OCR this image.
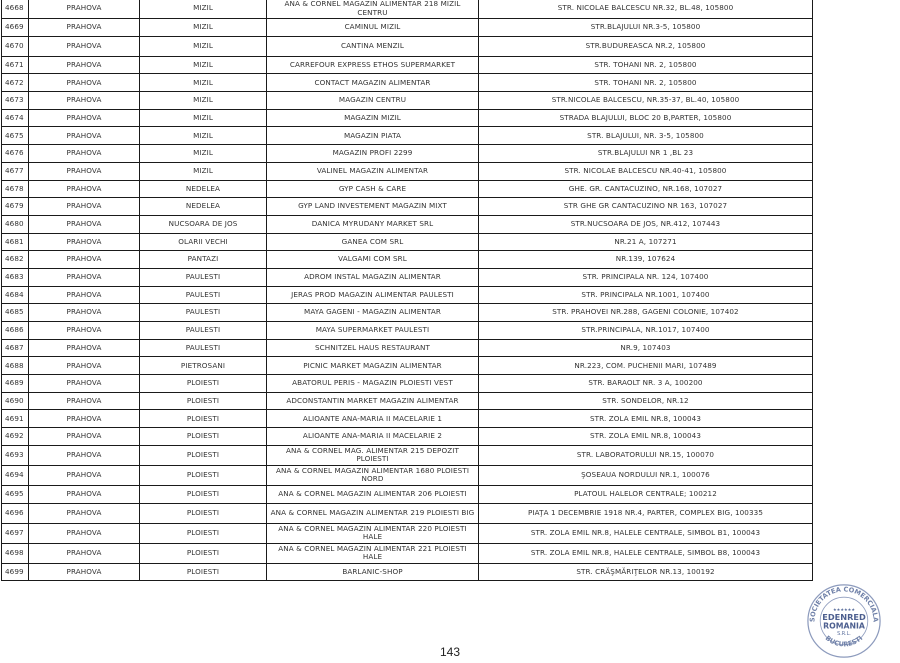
4668	PRAHOVA	MIZIL	ANA & CORNEL MAGAZIN ALIMENTAR 218 MIZIL CENTRU	STR. NICOLAE BALCESCU NR.32, BL.48, 105800
4669	PRAHOVA	MIZIL	CAMINUL MIZIL	STR.BLAJULUI NR.3-5, 105800
4670	PRAHOVA	MIZIL	CANTINA MENZIL	STR.BUDUREASCA NR.2, 105800
4671	PRAHOVA	MIZIL	CARREFOUR EXPRESS ETHOS SUPERMARKET	STR. TOHANI NR. 2, 105800
4672	PRAHOVA	MIZIL	CONTACT MAGAZIN ALIMENTAR	STR. TOHANI NR. 2, 105800
4673	PRAHOVA	MIZIL	MAGAZIN CENTRU	STR.NICOLAE BALCESCU, NR.35-37, BL.40, 105800
4674	PRAHOVA	MIZIL	MAGAZIN MIZIL	STRADA BLAJULUI, BLOC 20 B,PARTER, 105800
4675	PRAHOVA	MIZIL	MAGAZIN PIATA	STR. BLAJULUI, NR. 3-5, 105800
4676	PRAHOVA	MIZIL	MAGAZIN PROFI 2299	STR.BLAJULUI NR 1 ,BL 23
4677	PRAHOVA	MIZIL	VALINEL MAGAZIN ALIMENTAR	STR. NICOLAE BALCESCU NR.40-41, 105800
4678	PRAHOVA	NEDELEA	GYP CASH & CARE	GHE. GR. CANTACUZINO, NR.168, 107027
4679	PRAHOVA	NEDELEA	GYP LAND INVESTEMENT MAGAZIN MIXT	STR GHE GR CANTACUZINO NR 163, 107027
4680	PRAHOVA	NUCSOARA DE JOS	DANICA MYRUDANY MARKET SRL	STR.NUCSOARA DE JOS, NR.412, 107443
4681	PRAHOVA	OLARII VECHI	GANEA COM SRL	NR.21 A, 107271
4682	PRAHOVA	PANTAZI	VALGAMI COM SRL	NR.139, 107624
4683	PRAHOVA	PAULESTI	ADROM INSTAL MAGAZIN ALIMENTAR	STR. PRINCIPALA NR. 124, 107400
4684	PRAHOVA	PAULESTI	JERAS PROD MAGAZIN ALIMENTAR PAULESTI	STR. PRINCIPALA NR.1001, 107400
4685	PRAHOVA	PAULESTI	MAYA GAGENI - MAGAZIN ALIMENTAR	STR. PRAHOVEI NR.288, GAGENI COLONIE, 107402
4686	PRAHOVA	PAULESTI	MAYA SUPERMARKET PAULESTI	STR.PRINCIPALA, NR.1017, 107400
4687	PRAHOVA	PAULESTI	SCHNITZEL HAUS RESTAURANT	NR.9, 107403
4688	PRAHOVA	PIETROSANI	PICNIC MARKET MAGAZIN ALIMENTAR	NR.223, COM. PUCHENII MARI, 107489
4689	PRAHOVA	PLOIESTI	ABATORUL PERIS - MAGAZIN PLOIESTI VEST	STR. BARAOLT NR. 3 A, 100200
4690	PRAHOVA	PLOIESTI	ADCONSTANTIN MARKET MAGAZIN ALIMENTAR	STR. SONDELOR, NR.12
4691	PRAHOVA	PLOIESTI	ALIOANTE ANA-MARIA II MACELARIE 1	STR. ZOLA EMIL NR.8, 100043
4692	PRAHOVA	PLOIESTI	ALIOANTE ANA-MARIA II MACELARIE 2	STR. ZOLA EMIL NR.8, 100043
4693	PRAHOVA	PLOIESTI	ANA & CORNEL MAG. ALIMENTAR 215 DEPOZIT PLOIESTI	STR. LABORATORULUI NR.15, 100070
4694	PRAHOVA	PLOIESTI	ANA & CORNEL MAGAZIN ALIMENTAR 1680 PLOIESTI NORD	ŞOSEAUA NORDULUI NR.1, 100076
4695	PRAHOVA	PLOIESTI	ANA & CORNEL MAGAZIN ALIMENTAR 206 PLOIESTI	PLATOUL HALELOR CENTRALE; 100212
4696	PRAHOVA	PLOIESTI	ANA & CORNEL MAGAZIN ALIMENTAR 219 PLOIESTI BIG	PIAŢA 1 DECEMBRIE 1918 NR.4, PARTER, COMPLEX BIG, 100335
4697	PRAHOVA	PLOIESTI	ANA & CORNEL MAGAZIN ALIMENTAR 220 PLOIESTI HALE	STR. ZOLA EMIL NR.8, HALELE CENTRALE, SIMBOL B1, 100043
4698	PRAHOVA	PLOIESTI	ANA & CORNEL MAGAZIN ALIMENTAR 221 PLOIESTI HALE	STR. ZOLA EMIL NR.8, HALELE CENTRALE, SIMBOL B8, 100043
4699	PRAHOVA	PLOIESTI	BARLANIC-SHOP	STR. CRĂŞMĂRIŢELOR NR.13, 100192
SOCIETATEA COMERCIALA
BUCURESTI
★★★★★★
EDENRED
ROMANIA
S.R.L.
143
